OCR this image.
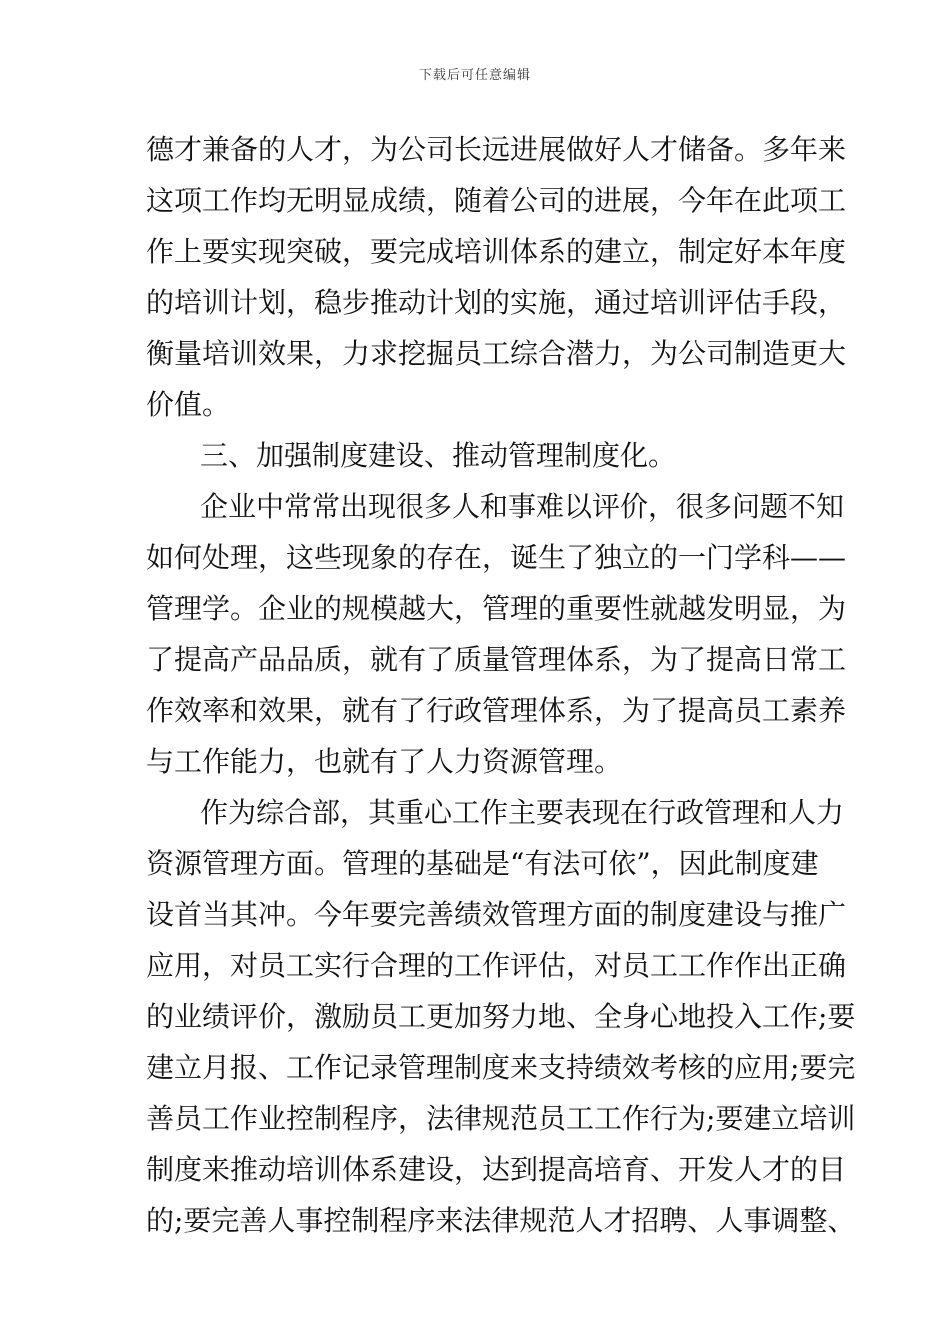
下载后可任意编辑
德才兼备的人才，为公司长远进展做好人才储备。多年来
这项工作均无明显成绩，随着公司的进展，今年在此项工
作上要实现突破，要完成培训体系的建立，制定好本年度
的培训计划，稳步推动计划的实施，通过培训评估手段，
衡量培训效果，力求挖掘员工综合潜力，为公司制造更大
价值。
三、加强制度建设、推动管理制度化。
企业中常常出现很多人和事难以评价，很多问题不知
如何处理，这些现象的存在，诞生了独立的一门学科——
管理学。企业的规模越大，管理的重要性就越发明显，为
了提高产品品质，就有了质量管理体系，为了提高日常工
作效率和效果，就有了行政管理体系，为了提高员工素养
与工作能力，也就有了人力资源管理。
作为综合部，其重心工作主要表现在行政管理和人力
资源管理方面。管理的基础是“有法可依”，因此制度建
设首当其冲。今年要完善绩效管理方面的制度建设与推广
应用，对员工实行合理的工作评估，对员工工作作出正确
的业绩评价，激励员工更加努力地、全身心地投入工作;要
建立月报、工作记录管理制度来支持绩效考核的应用;要完
善员工作业控制程序，法律规范员工工作行为;要建立培训
制度来推动培训体系建设，达到提高培育、开发人才的目
的;要完善人事控制程序来法律规范人才招聘、人事调整、
